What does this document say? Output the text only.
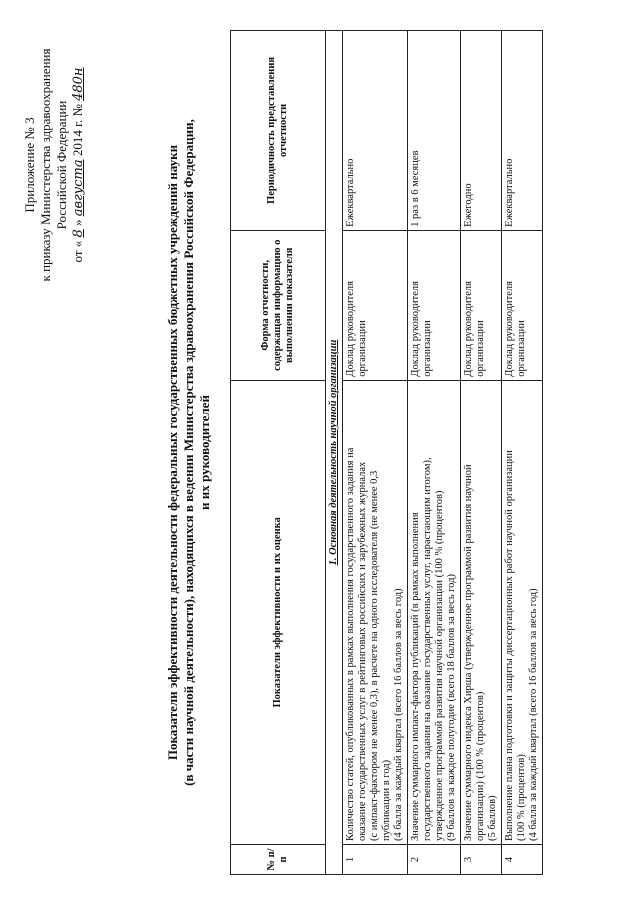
Приложение № 3 к приказу Министерства здравоохранения Российской Федерации
от « 8 » августа 2014 г. № 480н
Показатели эффективности деятельности федеральных государственных бюджетных учреждений науки (в части научной деятельности), находящихся в ведении Министерства здравоохранения Российской Федерации, и их руководителей
№ п/п	Показатели эффективности и их оценка	Форма отчетности, содержащая информацию о выполнении показателя	Периодичность представления отчетности
1. Основная деятельность научной организации			
1	Количество статей, опубликованных в рамках выполнения государственного задания на оказание государственных услуг в рейтинговых российских и зарубежных журналах (с импакт-фактором не менее 0,3), в расчете на одного исследователя (не менее 0,3 публикации в год) (4 балла за каждый квартал (всего 16 баллов за весь год)	Доклад руководителя организации	Ежеквартально
2	Значение суммарного импакт-фактора публикаций (в рамках выполнения государственного задания на оказание государственных услуг, нарастающим итогом), утвержденное программой развития научной организации (100 % (процентов) (9 баллов за каждое полугодие (всего 18 баллов за весь год)	Доклад руководителя организации	1 раз в 6 месяцев
3	Значение суммарного индекса Хирша (утвержденное программой развития научной организации) (100 % (процентов) (5 баллов)	Доклад руководителя организации	Ежегодно
4	Выполнение плана подготовки и защиты диссертационных работ научной организации (100 % (процентов) (4 балла за каждый квартал (всего 16 баллов за весь год)	Доклад руководителя организации	Ежеквартально
